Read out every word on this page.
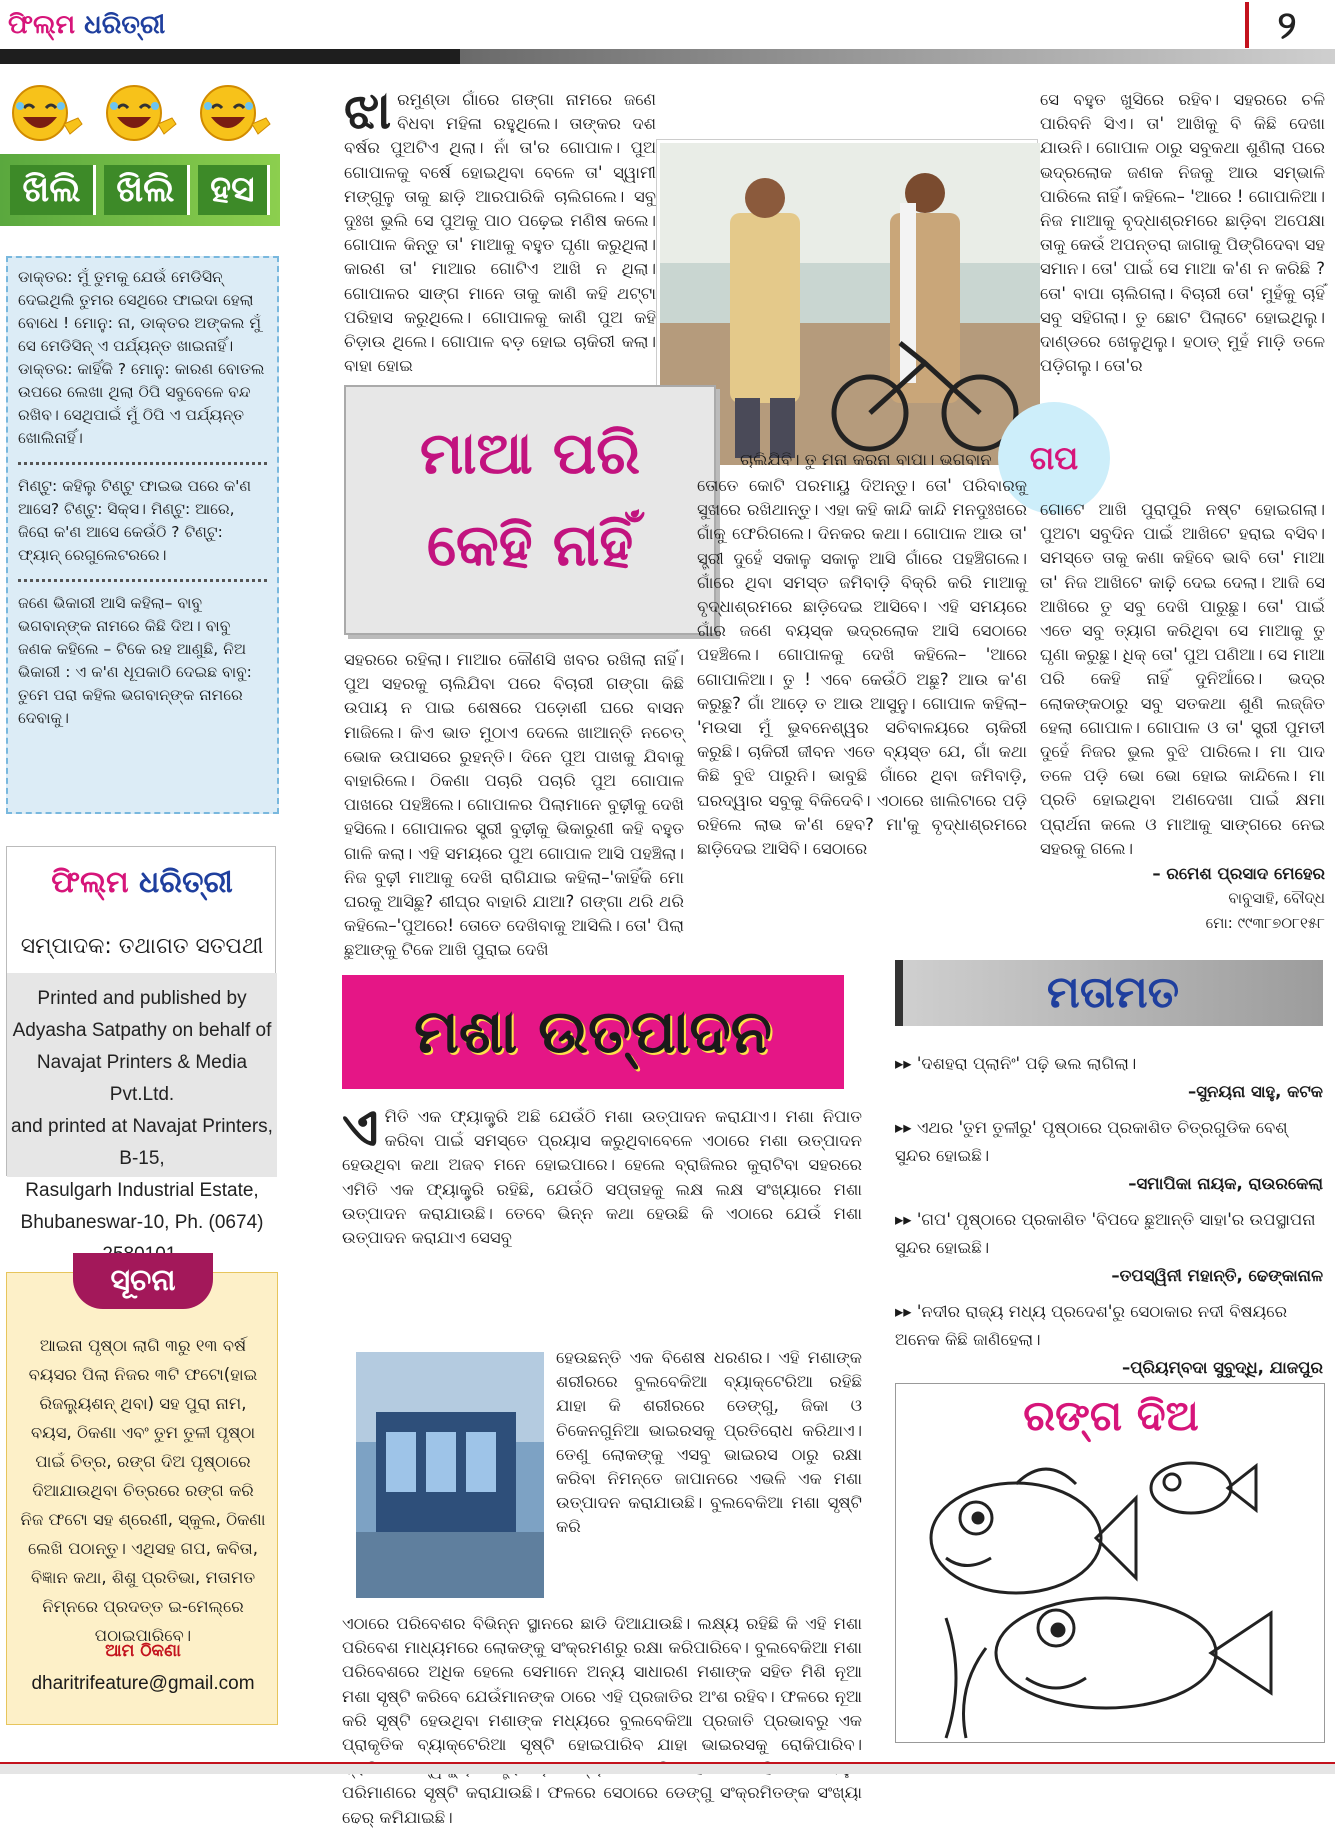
ଫିଲ୍ମ ଧରିତ୍ରୀ	୨
ଖିଲି ଖିଲି ହସ

ଡାକ୍ତର: ମୁଁ ତୁମକୁ ଯେଉଁ ମେଡିସିନ୍ ଦେଇଥିଲି ତୁମର ସେଥିରେ ଫାଇଦା ହେଲା ବୋଧେ ! ମୋନୁ: ନା, ଡାକ୍ତର ଅଙ୍କଲ ମୁଁ ସେ ମେଡିସିନ୍ ଏ ପର୍ଯ୍ୟନ୍ତ ଖାଇନାହିଁ। ଡାକ୍ତର: କାହିଁକି ? ମୋନୁ: କାରଣ ବୋତଲ ଉପରେ ଲେଖା ଥିଲା ଠିପି ସବୁବେଳେ ବନ୍ଦ ରଖିବ। ସେଥିପାଇଁ ମୁଁ ଠିପି ଏ ପର୍ଯ୍ୟନ୍ତ ଖୋଲିନାହିଁ।

ମିଣ୍ଟୁ: କହିଲୁ ଟିଣ୍ଟୁ ଫାଇଭ ପରେ କ'ଣ ଆସେ? ଟିଣ୍ଟୁ: ସିକ୍ସ। ମିଣ୍ଟୁ: ଆରେ, ଜିରୋ କ'ଣ ଆସେ କେଉଁଠି ? ଟିଣ୍ଟୁ: ଫ୍ୟାନ୍ ରେଗୁଲେଟରରେ।

ଜଣେ ଭିକାରୀ ଆସି କହିଲା– ବାବୁ ଭଗବାନ୍ଙ୍କ ନାମରେ କିଛି ଦିଅ। ବାବୁ ଜଣକ କହିଲେ – ଟିକେ ରହ ଆଣୁଛି, ନିଅ ଭିକାରୀ : ଏ କ'ଣ ଧୂପକାଠି ଦେଇଛ ବାବୁ: ତୁମେ ପରା କହିଲ ଭଗବାନ୍ଙ୍କ ନାମରେ ଦେବାକୁ।

ଫିଲ୍ମ ଧରିତ୍ରୀ
ସମ୍ପାଦକ: ତଥାଗତ ସତପଥୀ
Printed and published by
Adyasha Satpathy on behalf of
Navajat Printers & Media Pvt.Ltd.
and printed at Navajat Printers, B-15,
Rasulgarh Industrial Estate,
Bhubaneswar-10, Ph. (0674)
ସୂଚନା
ଆଇନା ପୃଷ୍ଠା ଲାଗି ୩ରୁ ୧୩ ବର୍ଷ ବୟସର ପିଲା ନିଜର ୩ଟି ଫଟୋ(ହାଇ ରିଜଲ୍ୟୁଶନ୍ ଥିବା) ସହ ପୁରା ନାମ, ବୟସ, ଠିକଣା ଏବଂ ତୁମ ତୁଳୀ ପୃଷ୍ଠା ପାଇଁ ଚିତ୍ର, ରଙ୍ଗ ଦିଅ ପୃଷ୍ଠାରେ ଦିଆଯାଉଥିବା ଚିତ୍ରରେ ରଙ୍ଗ କରି ନିଜ ଫଟୋ ସହ ଶ୍ରେଣୀ, ସ୍କୁଲ, ଠିକଣା ଲେଖି ପଠାନ୍ତୁ। ଏଥିସହ ଗପ, କବିତା, ବିଜ୍ଞାନ କଥା, ଶିଶୁ ପ୍ରତିଭା, ମତାମତ ନିମ୍ନରେ ପ୍ରଦତ୍ତ ଇ-ମେଲ୍‌ରେ ପଠାଇପାରିବେ।
ଆମ ଠିକଣା
dharitrifeature@gmail.com
ଝାରମୁଣ୍ଡା ଗାଁରେ ଗଙ୍ଗା ନାମରେ ଜଣେ ବିଧବା ମହିଳା ରହୁଥିଲେ। ତାଙ୍କର ଦଶ ବର୍ଷର ପୁଅଟିଏ ଥିଲା। ନାଁ ତା'ର ଗୋପାଳ। ପୁଅ ଗୋପାଳକୁ ବର୍ଷେ ହୋଇଥିବା ବେଳେ ତା' ସ୍ୱାମୀ ମଙ୍ଗୁଳୁ ତାକୁ ଛାଡ଼ି ଆରପାରିକି ଚାଲିଗଲେ। ସବୁ ଦୁଃଖ ଭୁଲି ସେ ପୁଅକୁ ପାଠ ପଢ଼େଇ ମଣିଷ କଲେ। ଗୋପାଳ କିନ୍ତୁ ତା' ମାଆକୁ ବହୁତ ଘୃଣା କରୁଥିଲା। କାରଣ ତା' ମାଆର ଗୋଟିଏ ଆଖି ନ ଥିଲା। ଗୋପାଳର ସାଙ୍ଗ ମାନେ ତାକୁ କାଣି କହି ଥଟ୍ଟା ପରିହାସ କରୁଥିଲେ। ଗୋପାଳକୁ କାଣି ପୁଅ କହି ଚିଡ଼ାଉ ଥିଲେ। ଗୋପାଳ ବଡ଼ ହୋଇ ଚାକିରୀ କଲା। ବାହା ହୋଇ
ଗପ
ମାଆ ପରି
କେହି ନାହିଁ
ସହରରେ ରହିଲା। ମାଆର କୌଣସି ଖବର ରଖିଲା ନାହିଁ। ପୁଅ ସହରକୁ ଚାଲିଯିବା ପରେ ବିଚାରୀ ଗଙ୍ଗା କିଛି ଉପାୟ ନ ପାଇ ଶେଷରେ ପଡ଼ୋଶୀ ଘରେ ବାସନ ମାଜିଲେ। କିଏ ଭାତ ମୁଠାଏ ଦେଲେ ଖାଆନ୍ତି ନଚେତ୍ ଭୋକ ଉପାସରେ ରୁହନ୍ତି। ଦିନେ ପୁଅ ପାଖକୁ ଯିବାକୁ ବାହାରିଲେ। ଠିକଣା ପଚାରି ପଚାରି ପୁଅ ଗୋପାଳ ପାଖରେ ପହଞ୍ଚିଲେ। ଗୋପାଳର ପିଲାମାନେ ବୁଢ଼ୀକୁ ଦେଖି ହସିଲେ। ଗୋପାଳର ସ୍ତ୍ରୀ ବୁଢ଼ୀକୁ ଭିକାରୁଣୀ କହି ବହୁତ ଗାଳି କଲା। ଏହି ସମୟରେ ପୁଅ ଗୋପାଳ ଆସି ପହଞ୍ଚିଲା। ନିଜ ବୁଢ଼ୀ ମାଆକୁ ଦେଖି ରାଗିଯାଇ କହିଲା–'କାହିଁକି ମୋ ଘରକୁ ଆସିଛୁ? ଶୀଘ୍ର ବାହାରି ଯାଆ? ଗଙ୍ଗା ଥରି ଥରି କହିଲେ–'ପୁଅରେ! ତୋତେ ଦେଖିବାକୁ ଆସିଲି। ତୋ' ପିଲା ଛୁଆଙ୍କୁ ଟିକେ ଆଖି ପୁରାଇ ଦେଖି
ଚାଲିଯିବି। ତୁ ମନା କରନା ବାପା। ଭଗବାନ
ତୋତେ କୋଟି ପରମାୟୁ ଦିଅନ୍ତୁ। ତୋ' ପରିବାରକୁ ସୁଖରେ ରଖିଥାନ୍ତୁ। ଏହା କହି କାନ୍ଦି କାନ୍ଦି ମନଦୁଃଖରେ ଗାଁକୁ ଫେରିଗଲେ। ଦିନକର କଥା। ଗୋପାଳ ଆଉ ତା' ସ୍ତ୍ରୀ ଦୁହେଁ ସକାଳୁ ସକାଳୁ ଆସି ଗାଁରେ ପହଞ୍ଚିଗଲେ। ଗାଁରେ ଥିବା ସମସ୍ତ ଜମିବାଡ଼ି ବିକ୍ରି କରି ମାଆକୁ ବୃଦ୍ଧାଶ୍ରମରେ ଛାଡ଼ିଦେଇ ଆସିବେ। ଏହି ସମୟରେ ଗାଁର ଜଣେ ବୟସ୍କ ଭଦ୍ରଲୋକ ଆସି ସେଠାରେ ପହଞ୍ଚିଲେ। ଗୋପାଳକୁ ଦେଖି କହିଲେ– 'ଆରେ ଗୋପାଳିଆ। ତୁ ! ଏବେ କେଉଁଠି ଅଛୁ? ଆଉ କ'ଣ କରୁଛୁ? ଗାଁ ଆଡ଼େ ତ ଆଉ ଆସୁନୁ। ଗୋପାଳ କହିଲା– 'ମଉସା ମୁଁ ଭୁବନେଶ୍ୱର ସଚିବାଳୟରେ ଚାକିରୀ କରୁଛି। ଚାକିରୀ ଜୀବନ ଏତେ ବ୍ୟସ୍ତ ଯେ, ଗାଁ କଥା କିଛି ବୁଝି ପାରୁନି। ଭାବୁଛି ଗାଁରେ ଥିବା ଜମିବାଡ଼ି, ଘରଦ୍ୱାର ସବୁକୁ ବିକିଦେବି। ଏଠାରେ ଖାଲିଟାରେ ପଡ଼ି ରହିଲେ ଲାଭ କ'ଣ ହେବ? ମା'କୁ ବୃଦ୍ଧାଶ୍ରମରେ ଛାଡ଼ିଦେଇ ଆସିବି। ସେଠାରେ
ସେ ବହୁତ ଖୁସିରେ ରହିବ। ସହରରେ ଚଳି ପାରିବନି ସିଏ। ତା' ଆଖିକୁ ବି କିଛି ଦେଖା ଯାଉନି। ଗୋପାଳ ଠାରୁ ସବୁକଥା ଶୁଣିଲା ପରେ ଭଦ୍ରଲୋକ ଜଣକ ନିଜକୁ ଆଉ ସମ୍ଭାଳି ପାରିଲେ ନାହିଁ। କହିଲେ– 'ଆରେ ! ଗୋପାଳିଆ। ନିଜ ମାଆକୁ ବୃଦ୍ଧାଶ୍ରମରେ ଛାଡ଼ିବା ଅପେକ୍ଷା ତାକୁ କେଉଁ ଅପନ୍ତରା ଜାଗାକୁ ପିଙ୍ଗିଦେବା ସହ ସମାନ। ତୋ' ପାଇଁ ସେ ମାଆ କ'ଣ ନ କରିଛି ? ତୋ' ବାପା ଚାଲିଗଲା। ବିଚାରୀ ତୋ' ମୁହଁକୁ ଚାହିଁ ସବୁ ସହିଗଲା। ତୁ ଛୋଟ ପିଲାଟେ ହୋଇଥିଲୁ। ଦାଣ୍ଡରେ ଖେଳୁଥିଲୁ। ହଠାତ୍ ମୁହଁ ମାଡ଼ି ତଳେ ପଡ଼ିଗଲୁ। ତୋ'ର
ଗୋଟେ ଆଖି ପୁରାପୁରି ନଷ୍ଟ ହୋଇଗଲା। ପୁଅଟା ସବୁଦିନ ପାଇଁ ଆଖିଟେ ହରାଇ ବସିବ। ସମସ୍ତେ ତାକୁ କଣା କହିବେ ଭାବି ତୋ' ମାଆ ତା' ନିଜ ଆଖିଟେ କାଢ଼ି ଦେଇ ଦେଲା। ଆଜି ସେ ଆଖିରେ ତୁ ସବୁ ଦେଖି ପାରୁଛୁ। ତୋ' ପାଇଁ ଏତେ ସବୁ ତ୍ୟାଗ କରିଥିବା ସେ ମାଆକୁ ତୁ ଘୃଣା କରୁଛୁ। ଧିକ୍ ତୋ' ପୁଅ ପଣିଆ। ସେ ମାଆ ପରି କେହି ନାହିଁ ଦୁନିଆଁରେ। ଭଦ୍ର ଲୋକଙ୍କଠାରୁ ସବୁ ସତକଥା ଶୁଣି ଲଜ୍ଜିତ ହେଲା ଗୋପାଳ। ଗୋପାଳ ଓ ତା' ସ୍ତ୍ରୀ ପୁମତୀ ଦୁହେଁ ନିଜର ଭୁଲ ବୁଝି ପାରିଲେ। ମା ପାଦ ତଳେ ପଡ଼ି ଭୋ ଭୋ ହୋଇ କାନ୍ଦିଲେ। ମା ପ୍ରତି ହୋଇଥିବା ଅଣଦେଖା ପାଇଁ କ୍ଷମା ପ୍ରାର୍ଥନା କଲେ ଓ ମାଆକୁ ସାଙ୍ଗରେ ନେଇ ସହରକୁ ଗଲେ।
– ରମେଶ ପ୍ରସାଦ ମେହେର
ବାବୁସାହି, ବୌଦ୍ଧ
ମୋ: ୯୯୩୮୭୦୮୧୫୮
ମଶା ଉତ୍ପାଦନ
ଏମିତି ଏକ ଫ୍ୟାକ୍ଟ୍ରି ଅଛି ଯେଉଁଠି ମଶା ଉତ୍ପାଦନ କରାଯାଏ। ମଶା ନିପାତ କରିବା ପାଇଁ ସମସ୍ତେ ପ୍ରୟାସ କରୁଥିବାବେଳେ ଏଠାରେ ମଶା ଉତ୍ପାଦନ ହେଉଥିବା କଥା ଅଜବ ମନେ ହୋଇପାରେ। ହେଲେ ବ୍ରାଜିଲର କୁରାଟିବା ସହରରେ ଏମିତି ଏକ ଫ୍ୟାକ୍ଟ୍ରି ରହିଛି, ଯେଉଁଠି ସପ୍ତାହକୁ ଲକ୍ଷ ଲକ୍ଷ ସଂଖ୍ୟାରେ ମଶା ଉତ୍ପାଦନ କରାଯାଉଛି। ତେବେ ଭିନ୍ନ କଥା ହେଉଛି କି ଏଠାରେ ଯେଉଁ ମଶା ଉତ୍ପାଦନ କରାଯାଏ ସେସବୁ
ହେଉଛନ୍ତି ଏକ ବିଶେଷ ଧରଣର। ଏହି ମଶାଙ୍କ ଶରୀରରେ ବୁଲବେକିଆ ବ୍ୟାକ୍ଟେରିଆ ରହିଛି ଯାହା କି ଶରୀରରେ ଡେଙ୍ଗୁ, ଜିକା ଓ ଚିକେନଗୁନିଆ ଭାଇରସକୁ ପ୍ରତିରୋଧ କରିଥାଏ। ତେଣୁ ଲୋକଙ୍କୁ ଏସବୁ ଭାଇରସ ଠାରୁ ରକ୍ଷା କରିବା ନିମନ୍ତେ ଜାପାନରେ ଏଭଳି ଏକ ମଶା ଉତ୍ପାଦନ କରାଯାଉଛି। ବୁଲବେକିଆ ମଶା ସୃଷ୍ଟି କରି
ଏଠାରେ ପରିବେଶର ବିଭିନ୍ନ ସ୍ଥାନରେ ଛାଡି ଦିଆଯାଉଛି। ଲକ୍ଷ୍ୟ ରହିଛି କି ଏହି ମଶା ପରିବେଶ ମାଧ୍ୟମରେ ଲୋକଙ୍କୁ ସଂକ୍ରମଣରୁ ରକ୍ଷା କରିପାରିବେ। ବୁଲବେକିଆ ମଶା ପରିବେଶରେ ଅଧିକ ହେଲେ ସେମାନେ ଅନ୍ୟ ସାଧାରଣ ମଶାଙ୍କ ସହିତ ମିଶି ନୂଆ ମଶା ସୃଷ୍ଟି କରିବେ ଯେଉଁମାନଙ୍କ ଠାରେ ଏହି ପ୍ରଜାତିର ଅଂଶ ରହିବ। ଫଳରେ ନୂଆ କରି ସୃଷ୍ଟି ହେଉଥିବା ମଶାଙ୍କ ମଧ୍ୟରେ ବୁଲବେକିଆ ପ୍ରଜାତି ପ୍ରଭାବରୁ ଏକ ପ୍ରାକୃତିକ ବ୍ୟାକ୍ଟେରିଆ ସୃଷ୍ଟି ହୋଇପାରିବ ଯାହା ଭାଇରସକୁ ରୋକିପାରିବ। ପରିମାଣରେ ସୃଷ୍ଟି କରାଯାଉଛି। ଫଳରେ ସେଠାରେ ଡେଙ୍ଗୁ ସଂକ୍ରମିତଙ୍କ ସଂଖ୍ୟା ଢେର୍ କମିଯାଇଛି।
ମତାମତ
▸▸ 'ଦଶହରା ପ୍ଲାନିଂ' ପଢ଼ି ଭଲ ଲାଗିଲା।
–ସୁନୟନା ସାହୁ, କଟକ
▸▸ ଏଥର 'ତୁମ ତୁଳୀରୁ' ପୃଷ୍ଠାରେ ପ୍ରକାଶିତ ଚିତ୍ରଗୁଡିକ ବେଶ୍ ସୁନ୍ଦର ହୋଇଛି।
–ସମାପିକା ନାୟକ, ରାଉରକେଲା
▸▸ 'ଗପ' ପୃଷ୍ଠାରେ ପ୍ରକାଶିତ 'ବିପଦେ ଛୁଆନ୍ତି ସାହା'ର ଉପସ୍ଥାପନା ସୁନ୍ଦର ହୋଇଛି।
–ତପସ୍ୱିନୀ ମହାନ୍ତି, ଢେଙ୍କାନାଳ
▸▸ 'ନଦୀର ରାଜ୍ୟ ମଧ୍ୟ ପ୍ରଦେଶ'ରୁ ସେଠାକାର ନଦୀ ବିଷୟରେ ଅନେକ କିଛି ଜାଣିହେଲା।
–ପ୍ରିୟମ୍ବଦା ସୁବୁଦ୍ଧି, ଯାଜପୁର
ରଙ୍ଗ ଦିଅ
